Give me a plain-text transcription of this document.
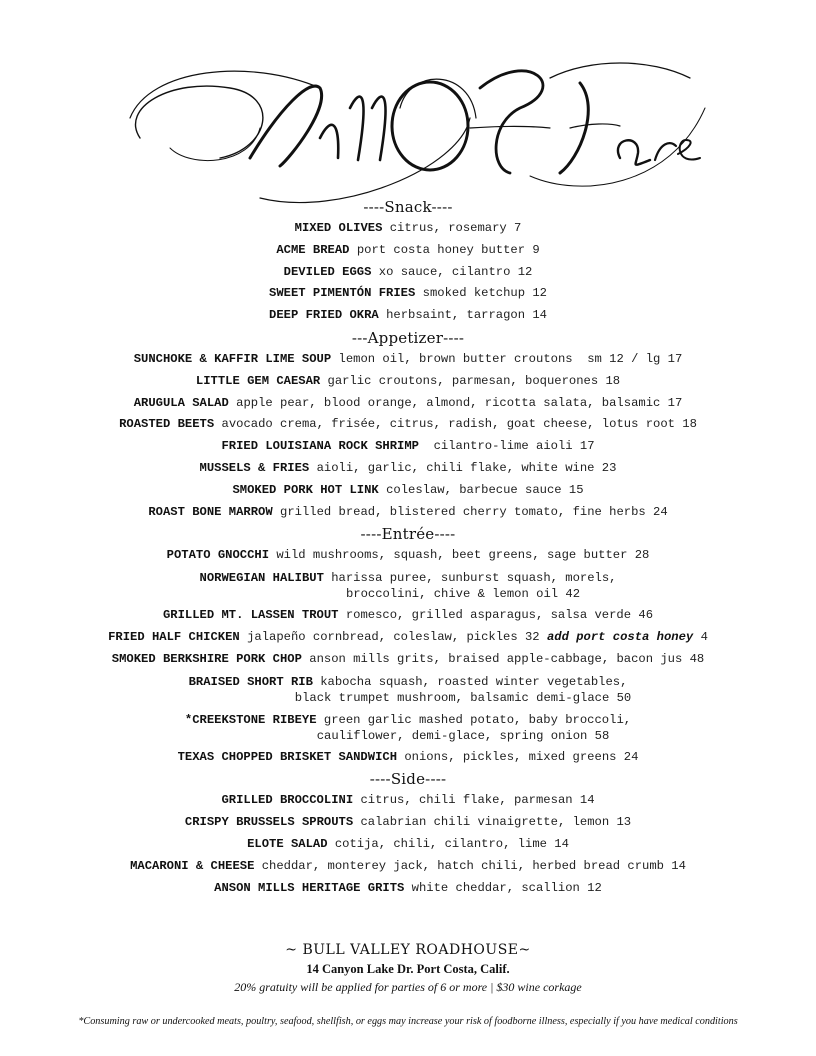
----Snack----
MIXED OLIVES citrus, rosemary 7
ACME BREAD port costa honey butter 9
DEVILED EGGS xo sauce, cilantro 12
SWEET PIMENTÓN FRIES smoked ketchup 12
DEEP FRIED OKRA herbsaint, tarragon 14
---Appetizer----
SUNCHOKE & KAFFIR LIME SOUP lemon oil, brown butter croutons  sm 12 / lg 17
LITTLE GEM CAESAR garlic croutons, parmesan, boquerones 18
ARUGULA SALAD apple pear, blood orange, almond, ricotta salata, balsamic 17
ROASTED BEETS avocado crema, frisée, citrus, radish, goat cheese, lotus root 18
FRIED LOUISIANA ROCK SHRIMP  cilantro-lime aioli 17
MUSSELS & FRIES aioli, garlic, chili flake, white wine 23
SMOKED PORK HOT LINK coleslaw, barbecue sauce 15
ROAST BONE MARROW grilled bread, blistered cherry tomato, fine herbs 24
----Entrée----
POTATO GNOCCHI wild mushrooms, squash, beet greens, sage butter 28
NORWEGIAN HALIBUT harissa puree, sunburst squash, morels,
broccolini, chive & lemon oil 42
GRILLED MT. LASSEN TROUT romesco, grilled asparagus, salsa verde 46
FRIED HALF CHICKEN jalapeño cornbread, coleslaw, pickles 32 add port costa honey 4
SMOKED BERKSHIRE PORK CHOP anson mills grits, braised apple-cabbage, bacon jus 48
BRAISED SHORT RIB kabocha squash, roasted winter vegetables,
black trumpet mushroom, balsamic demi-glace 50
*CREEKSTONE RIBEYE green garlic mashed potato, baby broccoli,
cauliflower, demi-glace, spring onion 58
TEXAS CHOPPED BRISKET SANDWICH onions, pickles, mixed greens 24
----Side----
GRILLED BROCCOLINI citrus, chili flake, parmesan 14
CRISPY BRUSSELS SPROUTS calabrian chili vinaigrette, lemon 13
ELOTE SALAD cotija, chili, cilantro, lime 14
MACARONI & CHEESE cheddar, monterey jack, hatch chili, herbed bread crumb 14
ANSON MILLS HERITAGE GRITS white cheddar, scallion 12
~ BULL VALLEY ROADHOUSE~
14 Canyon Lake Dr. Port Costa, Calif.
20% gratuity will be applied for parties of 6 or more | $30 wine corkage
*Consuming raw or undercooked meats, poultry, seafood, shellfish, or eggs may increase your risk of foodborne illness, especially if you have medical conditions
